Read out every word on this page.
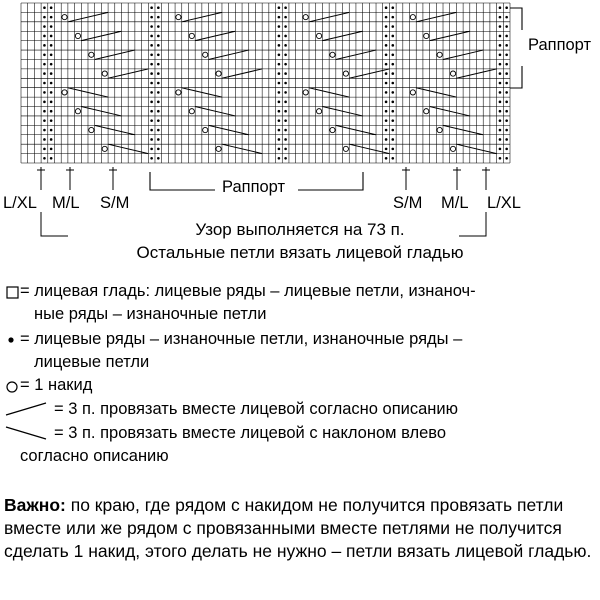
Раппорт
Раппорт
L/XL M/L S/M	S/M M/L L/XL
Узор выполняется на 73 п.
Остальные петли вязать лицевой гладью
= лицевая гладь: лицевые ряды – лицевые петли, изнаноч-
ные ряды – изнаночные петли
= лицевые ряды – изнаночные петли, изнаночные ряды –
лицевые петли
= 1 накид
= 3 п. провязать вместе лицевой согласно описанию
= 3 п. провязать вместе лицевой с наклоном влево
согласно описанию
Важно: по краю, где рядом с накидом не получится провязать петли вместе или же рядом с провязанными вместе петлями не получится сделать 1 накид, этого делать не нужно – петли вязать лицевой гладью.
